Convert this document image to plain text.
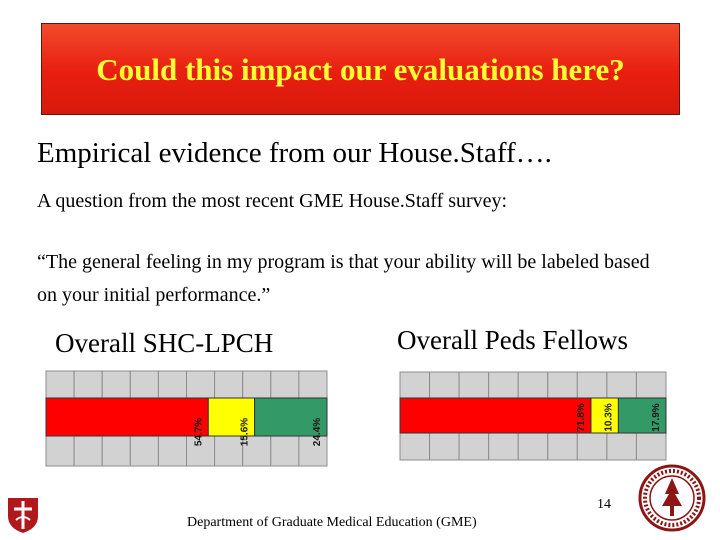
Could this impact our evaluations here?
Empirical evidence from our House.Staff….
A question from the most recent GME House.Staff survey:
“The general feeling in my program is that your ability will be labeled based on your initial performance.”
Overall SHC-LPCH	Overall Peds Fellows
54.7%	15.6%	24.4%
71.8% 10.3%	17.9%
Department of Graduate Medical Education (GME)
14
